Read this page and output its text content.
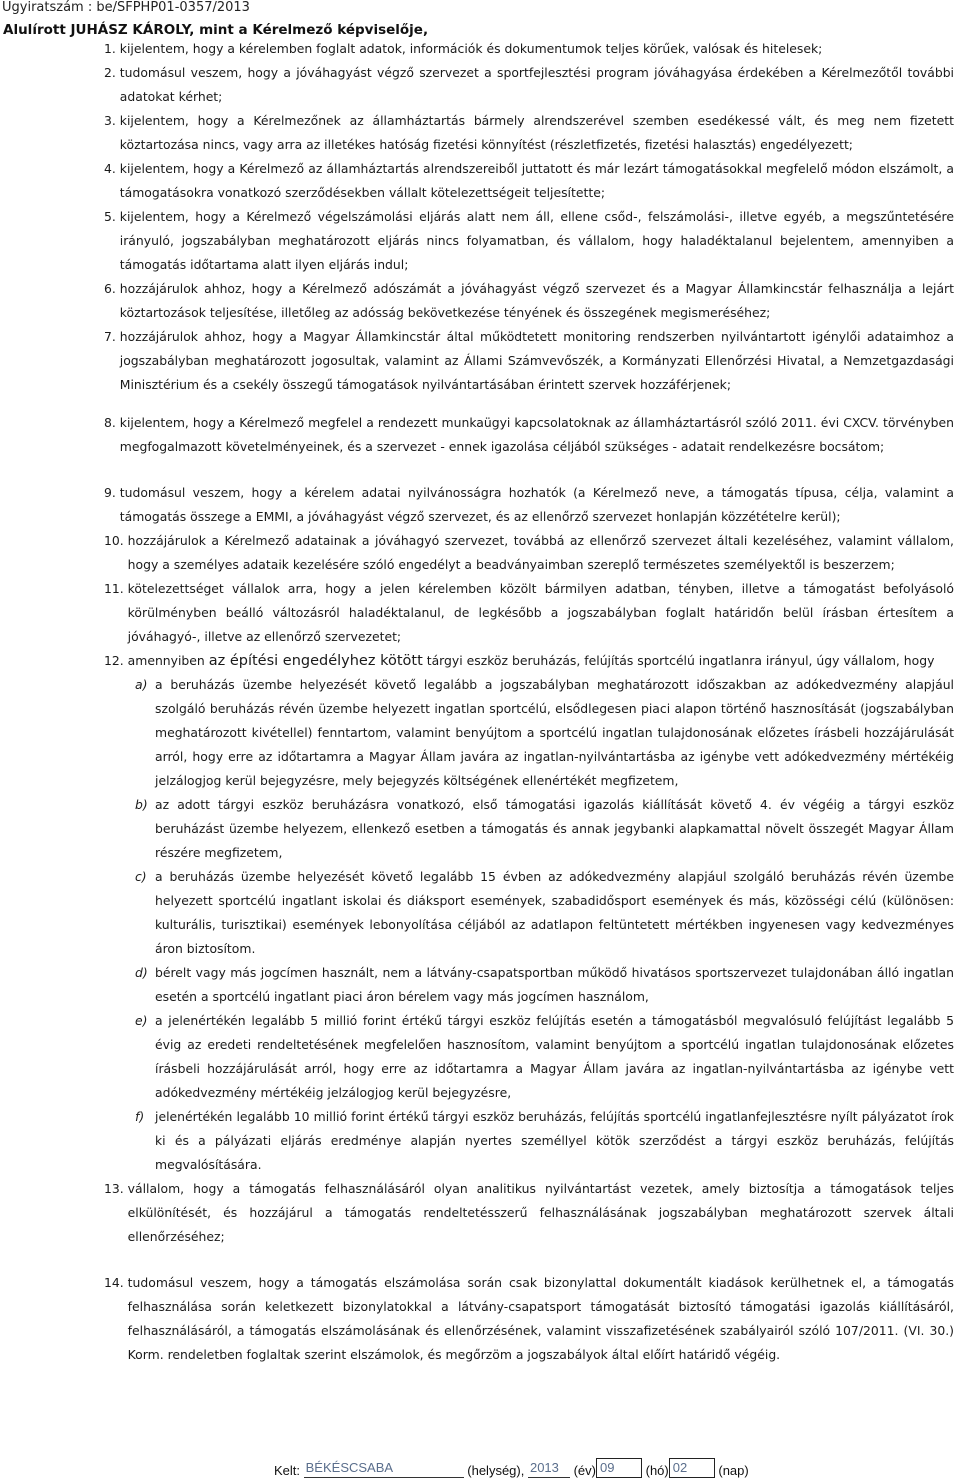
Ügyiratszám : be/SFPHP01-0357/2013
Alulírott JUHÁSZ KÁROLY, mint a Kérelmező képviselője,
1. kijelentem, hogy a kérelemben foglalt adatok, információk és dokumentumok teljes körűek, valósak és hitelesek;
2. tudomásul veszem, hogy a jóváhagyást végző szervezet a sportfejlesztési program jóváhagyása érdekében a Kérelmezőtől további adatokat kérhet;
3. kijelentem, hogy a Kérelmezőnek az államháztartás bármely alrendszerével szemben esedékessé vált, és meg nem fizetett köztartozása nincs, vagy arra az illetékes hatóság fizetési könnyítést (részletfizetés, fizetési halasztás) engedélyezett;
4. kijelentem, hogy a Kérelmező az államháztartás alrendszereiből juttatott és már lezárt támogatásokkal megfelelő módon elszámolt, a támogatásokra vonatkozó szerződésekben vállalt kötelezettségeit teljesítette;
5. kijelentem, hogy a Kérelmező végelszámolási eljárás alatt nem áll, ellene csőd-, felszámolási-, illetve egyéb, a megszűntetésére irányuló, jogszabályban meghatározott eljárás nincs folyamatban, és vállalom, hogy haladéktalanul bejelentem, amennyiben a támogatás időtartama alatt ilyen eljárás indul;
6. hozzájárulok ahhoz, hogy a Kérelmező adószámát a jóváhagyást végző szervezet és a Magyar Államkincstár felhasználja a lejárt köztartozások teljesítése, illetőleg az adósság bekövetkezése tényének és összegének megismeréséhez;
7. hozzájárulok ahhoz, hogy a Magyar Államkincstár által működtetett monitoring rendszerben nyilvántartott igénylői adataimhoz a jogszabályban meghatározott jogosultak, valamint az Állami Számvevőszék, a Kormányzati Ellenőrzési Hivatal, a Nemzetgazdasági Minisztérium és a csekély összegű támogatások nyilvántartásában érintett szervek hozzáférjenek;
8. kijelentem, hogy a Kérelmező megfelel a rendezett munkaügyi kapcsolatoknak az államháztartásról szóló 2011. évi CXCV. törvényben megfogalmazott követelményeinek, és a szervezet - ennek igazolása céljából szükséges - adatait rendelkezésre bocsátom;
9. tudomásul veszem, hogy a kérelem adatai nyilvánosságra hozhatók (a Kérelmező neve, a támogatás típusa, célja, valamint a támogatás összege a EMMI, a jóváhagyást végző szervezet, és az ellenőrző szervezet honlapján közzétételre kerül);
10. hozzájárulok a Kérelmező adatainak a jóváhagyó szervezet, továbbá az ellenőrző szervezet általi kezeléséhez, valamint vállalom, hogy a személyes adataik kezelésére szóló engedélyt a beadványaimban szereplő természetes személyektől is beszerzem;
11. kötelezettséget vállalok arra, hogy a jelen kérelemben közölt bármilyen adatban, tényben, illetve a támogatást befolyásoló körülményben beálló változásról haladéktalanul, de legkésőbb a jogszabályban foglalt határidőn belül írásban értesítem a jóváhagyó-, illetve az ellenőrző szervezetet;
12. amennyiben az építési engedélyhez kötött tárgyi eszköz beruházás, felújítás sportcélú ingatlanra irányul, úgy vállalom, hogy
a) a beruházás üzembe helyezését követő legalább a jogszabályban meghatározott időszakban az adókedvezmény alapjául szolgáló beruházás révén üzembe helyezett ingatlan sportcélú, elsődlegesen piaci alapon történő hasznosítását (jogszabályban meghatározott kivétellel) fenntartom, valamint benyújtom a sportcélú ingatlan tulajdonosának előzetes írásbeli hozzájárulását arról, hogy erre az időtartamra a Magyar Állam javára az ingatlan-nyilvántartásba az igénybe vett adókedvezmény mértékéig jelzálogjog kerül bejegyzésre, mely bejegyzés költségének ellenértékét megfizetem,
b) az adott tárgyi eszköz beruházásra vonatkozó, első támogatási igazolás kiállítását követő 4. év végéig a tárgyi eszköz beruházást üzembe helyezem, ellenkező esetben a támogatás és annak jegybanki alapkamattal növelt összegét Magyar Állam részére megfizetem,
c) a beruházás üzembe helyezését követő legalább 15 évben az adókedvezmény alapjául szolgáló beruházás révén üzembe helyezett sportcélú ingatlant iskolai és diáksport események, szabadidősport események és más, közösségi célú (különösen: kulturális, turisztikai) események lebonyolítása céljából az adatlapon feltüntetett mértékben ingyenesen vagy kedvezményes áron biztosítom.
d) bérelt vagy más jogcímen használt, nem a látvány-csapatsportban működő hivatásos sportszervezet tulajdonában álló ingatlan esetén a sportcélú ingatlant piaci áron bérelem vagy más jogcímen használom,
e) a jelenértékén legalább 5 millió forint értékű tárgyi eszköz felújítás esetén a támogatásból megvalósuló felújítást legalább 5 évig az eredeti rendeltetésének megfelelően hasznosítom, valamint benyújtom a sportcélú ingatlan tulajdonosának előzetes írásbeli hozzájárulását arról, hogy erre az időtartamra a Magyar Állam javára az ingatlan-nyilvántartásba az igénybe vett adókedvezmény mértékéig jelzálogjog kerül bejegyzésre,
f) jelenértékén legalább 10 millió forint értékű tárgyi eszköz beruházás, felújítás sportcélú ingatlanfejlesztésre nyílt pályázatot írok ki és a pályázati eljárás eredménye alapján nyertes személlyel kötök szerződést a tárgyi eszköz beruházás, felújítás megvalósítására.
13. vállalom, hogy a támogatás felhasználásáról olyan analitikus nyilvántartást vezetek, amely biztosítja a támogatások teljes elkülönítését, és hozzájárul a támogatás rendeltetésszerű felhasználásának jogszabályban meghatározott szervek általi ellenőrzéséhez;
14. tudomásul veszem, hogy a támogatás elszámolása során csak bizonylattal dokumentált kiadások kerülhetnek el, a támogatás felhasználása során keletkezett bizonylatokkal a látvány-csapatsport támogatását biztosító támogatási igazolás kiállításáról, felhasználásáról, a támogatás elszámolásának és ellenőrzésének, valamint visszafizetésének szabályairól szóló 107/2011. (VI. 30.) Korm. rendeletben foglaltak szerint elszámolok, és megőrzöm a jogszabályok által előírt határidő végéig.
Kelt:
BÉKÉSCSABA
	(helység),
2013
	(év) 09
	(hó) 02
	(nap)
